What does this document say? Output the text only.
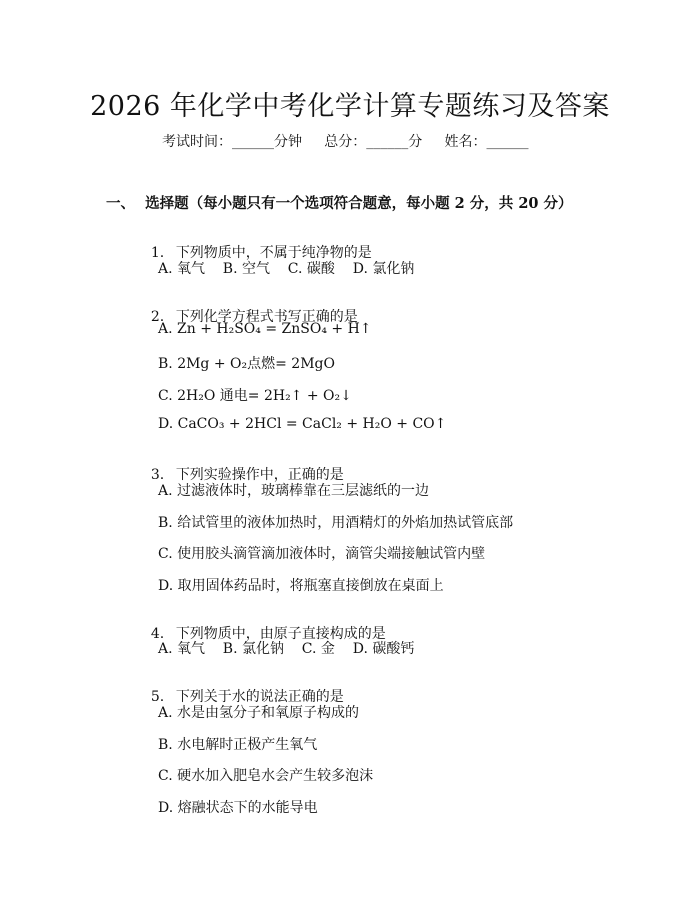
2026 年化学中考化学计算专题练习及答案
考试时间：______分钟     总分：______分     姓名：______
一、  选择题（每小题只有一个选项符合题意，每小题 2 分，共 20 分）

1. 下列物质中，不属于纯净物的是

A. 氧气    B. 空气    C. 碳酸    D. 氯化钠

2. 下列化学方程式书写正确的是

A. Zn + H₂SO₄ = ZnSO₄ + H↑
B. 2Mg + O₂点燃= 2MgO
C. 2H₂O 通电= 2H₂↑ + O₂↓
D. CaCO₃ + 2HCl = CaCl₂ + H₂O + CO↑

3. 下列实验操作中，正确的是

A. 过滤液体时，玻璃棒靠在三层滤纸的一边
B. 给试管里的液体加热时，用酒精灯的外焰加热试管底部
C. 使用胶头滴管滴加液体时，滴管尖端接触试管内壁
D. 取用固体药品时，将瓶塞直接倒放在桌面上

4. 下列物质中，由原子直接构成的是

A. 氧气    B. 氯化钠    C. 金    D. 碳酸钙

5. 下列关于水的说法正确的是

A. 水是由氢分子和氧原子构成的
B. 水电解时正极产生氧气
C. 硬水加入肥皂水会产生较多泡沫
D. 熔融状态下的水能导电
